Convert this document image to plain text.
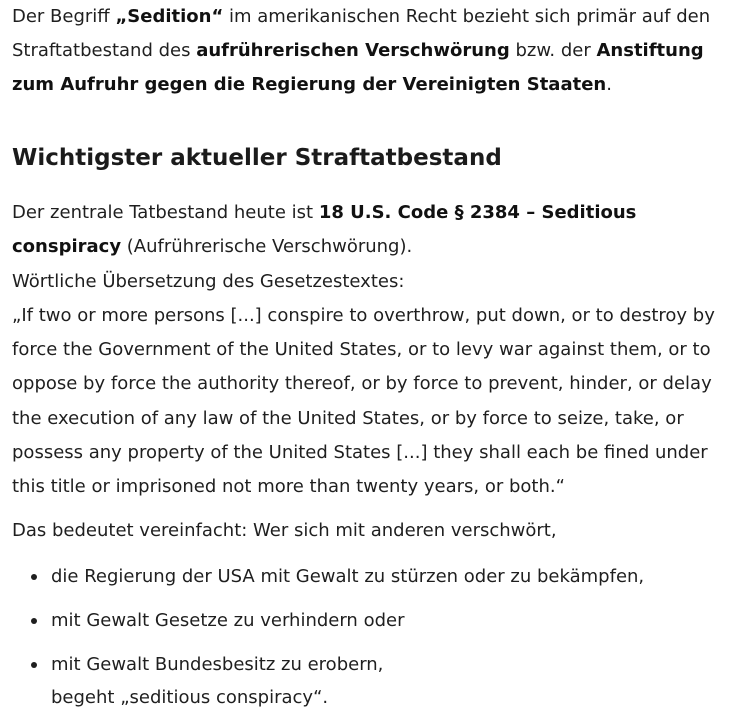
Der Begriff „Sedition“ im amerikanischen Recht bezieht sich primär auf den Straftatbestand des aufrührerischen Verschwörung bzw. der Anstiftung zum Aufruhr gegen die Regierung der Vereinigten Staaten.

Wichtigster aktueller Straftatbestand

Der zentrale Tatbestand heute ist 18 U.S. Code § 2384 – Seditious conspiracy (Aufrührerische Verschwörung).
Wörtliche Übersetzung des Gesetzestextes:
„If two or more persons [...] conspire to overthrow, put down, or to destroy by force the Government of the United States, or to levy war against them, or to oppose by force the authority thereof, or by force to prevent, hinder, or delay the execution of any law of the United States, or by force to seize, take, or possess any property of the United States [...] they shall each be fined under this title or imprisoned not more than twenty years, or both.“

Das bedeutet vereinfacht: Wer sich mit anderen verschwört,

die Regierung der USA mit Gewalt zu stürzen oder zu bekämpfen,
mit Gewalt Gesetze zu verhindern oder
mit Gewalt Bundesbesitz zu erobern,
begeht „seditious conspiracy“.
